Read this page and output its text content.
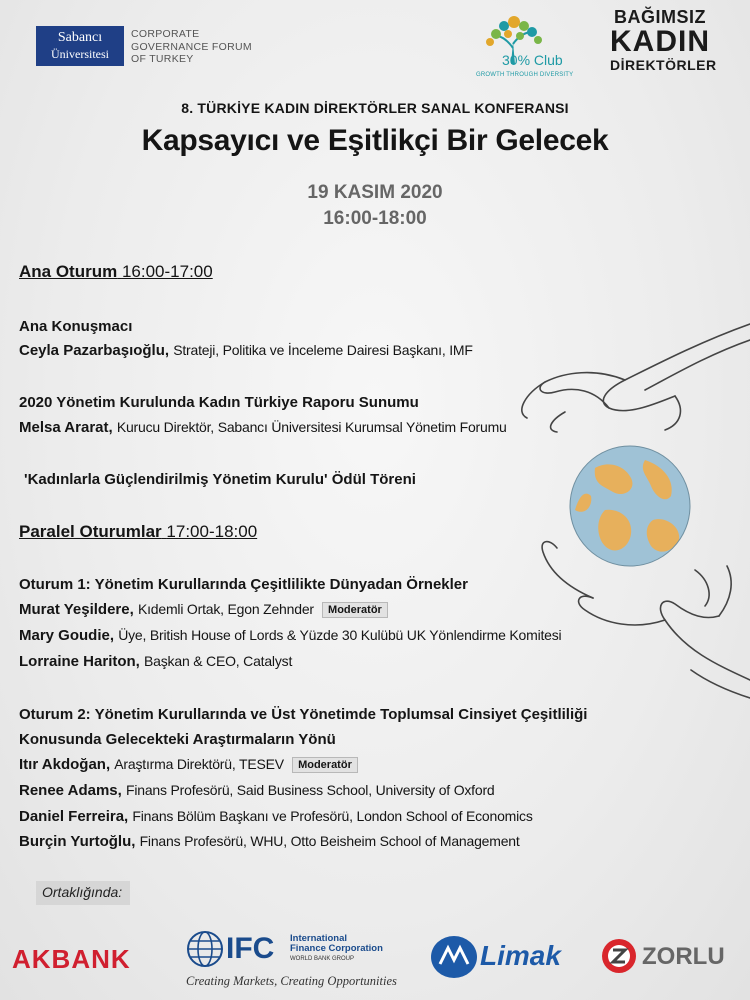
Sabancı
Üniversitesi
CORPORATE
GOVERNANCE FORUM
OF TURKEY	30% Club
GROWTH THROUGH DIVERSITY
BAĞIMSIZ
KADIN
DİREKTÖRLER
8. TÜRKİYE KADIN DİREKTÖRLER SANAL KONFERANSI
Kapsayıcı ve Eşitlikçi Bir Gelecek
19 KASIM 2020
16:00-18:00
Ana Oturum 16:00-17:00
Ana Konuşmacı
Ceyla Pazarbaşıoğlu, Strateji, Politika ve İnceleme Dairesi Başkanı, IMF
2020 Yönetim Kurulunda Kadın Türkiye Raporu Sunumu
Melsa Ararat, Kurucu Direktör, Sabancı Üniversitesi Kurumsal Yönetim Forumu
'Kadınlarla Güçlendirilmiş Yönetim Kurulu' Ödül Töreni
Paralel Oturumlar 17:00-18:00
Oturum 1: Yönetim Kurullarında Çeşitlilikte Dünyadan Örnekler
Murat Yeşildere, Kıdemli Ortak, Egon Zehnder Moderatör
Mary Goudie, Üye, British House of Lords & Yüzde 30 Kulübü UK Yönlendirme Komitesi
Lorraine Hariton, Başkan & CEO, Catalyst
Oturum 2: Yönetim Kurullarında ve Üst Yönetimde Toplumsal Cinsiyet Çeşitliliği
Konusunda Gelecekteki Araştırmaların Yönü
Itır Akdoğan, Araştırma Direktörü, TESEV Moderatör
Renee Adams, Finans Profesörü, Said Business School, University of Oxford
Daniel Ferreira, Finans Bölüm Başkanı ve Profesörü, London School of Economics
Burçin Yurtoğlu, Finans Profesörü, WHU, Otto Beisheim School of Management
Ortaklığında:
AKBANK	IFC International
Finance Corporation
WORLD BANK GROUP
Creating Markets, Creating Opportunities
Limak	ZORLU
